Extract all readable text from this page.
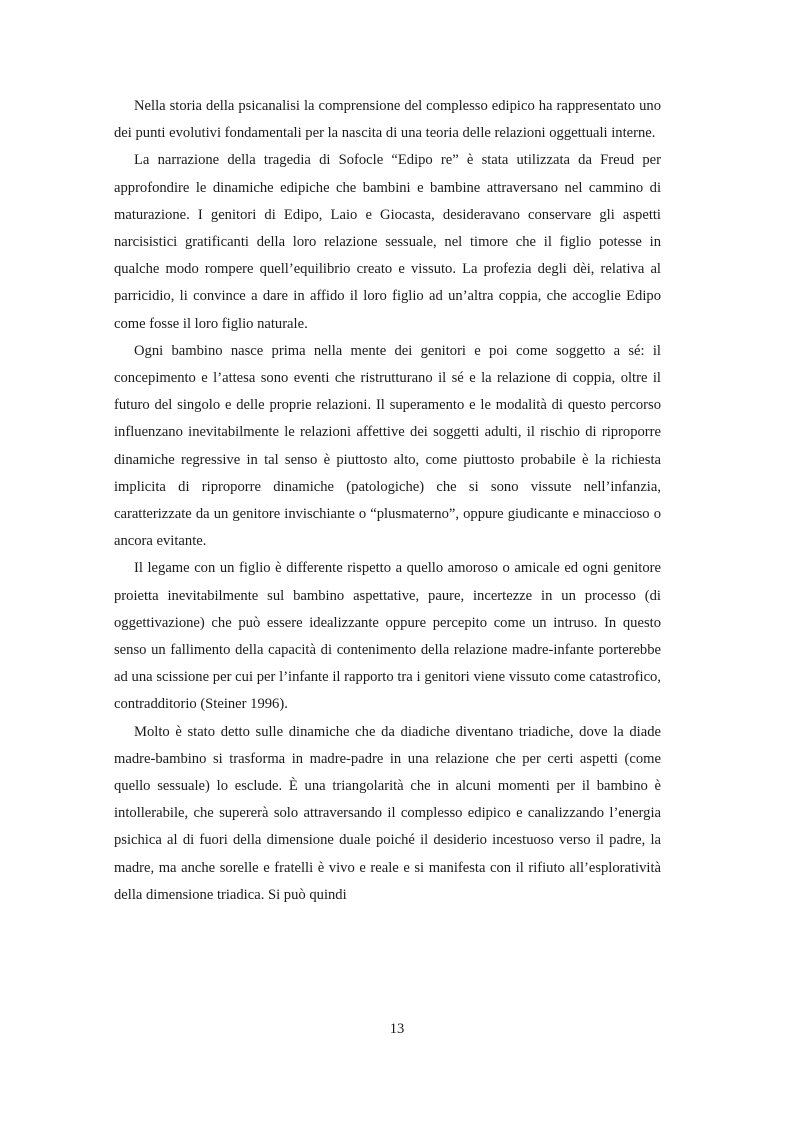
Nella storia della psicanalisi la comprensione del complesso edipico ha rappresentato uno dei punti evolutivi fondamentali per la nascita di una teoria delle relazioni oggettuali interne.

La narrazione della tragedia di Sofocle “Edipo re” è stata utilizzata da Freud per approfondire le dinamiche edipiche che bambini e bambine attraversano nel cammino di maturazione. I genitori di Edipo, Laio e Giocasta, desideravano conservare gli aspetti narcisistici gratificanti della loro relazione sessuale, nel timore che il figlio potesse in qualche modo rompere quell’equilibrio creato e vissuto. La profezia degli dèi, relativa al parricidio, li convince a dare in affido il loro figlio ad un’altra coppia, che accoglie Edipo come fosse il loro figlio naturale.

Ogni bambino nasce prima nella mente dei genitori e poi come soggetto a sé: il concepimento e l’attesa sono eventi che ristrutturano il sé e la relazione di coppia, oltre il futuro del singolo e delle proprie relazioni. Il superamento e le modalità di questo percorso influenzano inevitabilmente le relazioni affettive dei soggetti adulti, il rischio di riproporre dinamiche regressive in tal senso è piuttosto alto, come piuttosto probabile è la richiesta implicita di riproporre dinamiche (patologiche) che si sono vissute nell’infanzia, caratterizzate da un genitore invischiante o “plusmaterno”, oppure giudicante e minaccioso o ancora evitante.

Il legame con un figlio è differente rispetto a quello amoroso o amicale ed ogni genitore proietta inevitabilmente sul bambino aspettative, paure, incertezze in un processo (di oggettivazione) che può essere idealizzante oppure percepito come un intruso. In questo senso un fallimento della capacità di contenimento della relazione madre-infante porterebbe ad una scissione per cui per l’infante il rapporto tra i genitori viene vissuto come catastrofico, contradditorio (Steiner 1996).

Molto è stato detto sulle dinamiche che da diadiche diventano triadiche, dove la diade madre-bambino si trasforma in madre-padre in una relazione che per certi aspetti (come quello sessuale) lo esclude. È una triangolarità che in alcuni momenti per il bambino è intollerabile, che supererà solo attraversando il complesso edipico e canalizzando l’energia psichica al di fuori della dimensione duale poiché il desiderio incestuoso verso il padre, la madre, ma anche sorelle e fratelli è vivo e reale e si manifesta con il rifiuto all’esploratività della dimensione triadica. Si può quindi

13
